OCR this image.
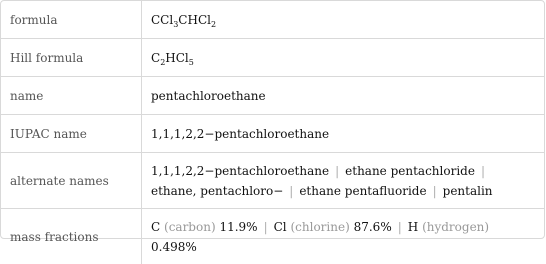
formula	CCl$_3$CHCl$_2$
Hill formula	$C_2HCl_5$
name	pentachloroethane
IUPAC name	1,1,1,2,2−pentachloroethane
alternate names	1,1,1,2,2−pentachloroethane | ethane pentachloride |
ethane, pentachloro− | ethane pentafluoride | pentalin
mass fractions	C (carbon) 11.9% | Cl (chlorine) 87.6% | H (hydrogen)
0.498%
